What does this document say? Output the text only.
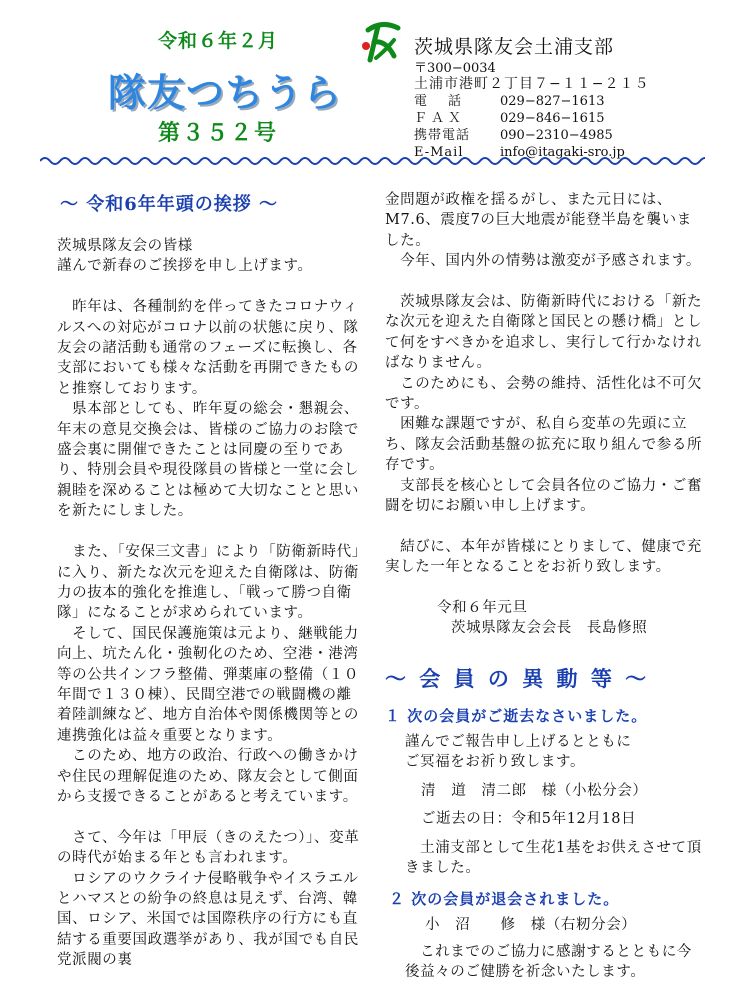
令和６年２月
隊友つちうら
第３５２号
茨城県隊友会土浦支部
〒300−0034
土浦市港町２丁目７−１１−２１５
電　話	029−827−1613
ＦＡＸ	029−846−1615
携帯電話 090−2310−4985
E-Mail	info@itagaki-sro.jp
〜 令和6年年頭の挨拶 〜
茨城県隊友会の皆様
謹んで新春のご挨拶を申し上げます。

　昨年は、各種制約を伴ってきたコロナウィルスへの対応がコロナ以前の状態に戻り、隊友会の諸活動も通常のフェーズに転換し、各支部においても様々な活動を再開できたものと推察しております。
　県本部としても、昨年夏の総会・懇親会、年末の意見交換会は、皆様のご協力のお陰で盛会裏に開催できたことは同慶の至りであり、特別会員や現役隊員の皆様と一堂に会し親睦を深めることは極めて大切なことと思いを新たにしました。

　また、「安保三文書」により「防衛新時代」に入り、新たな次元を迎えた自衛隊は、防衛力の抜本的強化を推進し、「戦って勝つ自衛隊」になることが求められています。
　そして、国民保護施策は元より、継戦能力向上、坑たん化・強靭化のため、空港・港湾等の公共インフラ整備、弾薬庫の整備（１０年間で１３０棟）、民間空港での戦闘機の離着陸訓練など、地方自治体や関係機関等との連携強化は益々重要となります。
　このため、地方の政治、行政への働きかけや住民の理解促進のため、隊友会として側面から支援できることがあると考えています。

　さて、今年は「甲辰（きのえたつ）」、変革の時代が始まる年とも言われます。
　ロシアのウクライナ侵略戦争やイスラエルとハマスとの紛争の終息は見えず、台湾、韓国、ロシア、米国では国際秩序の行方にも直結する重要国政選挙があり、我が国でも自民党派閥の裏
金問題が政権を揺るがし、また元日には、M7.6、震度7の巨大地震が能登半島を襲いました。
　今年、国内外の情勢は激変が予感されます。

　茨城県隊友会は、防衛新時代における「新たな次元を迎えた自衛隊と国民との懸け橋」として何をすべきかを追求し、実行して行かなければなりません。
　このためにも、会勢の維持、活性化は不可欠です。
　困難な課題ですが、私自ら変革の先頭に立ち、隊友会活動基盤の拡充に取り組んで参る所存です。
　支部長を核心として会員各位のご協力・ご奮闘を切にお願い申し上げます。

　結びに、本年が皆様にとりまして、健康で充実した一年となることをお祈り致します。
令和６年元旦
茨城県隊友会会長　長島修照
〜 会 員 の 異 動 等 〜
１ 次の会員がご逝去なさいました。
謹んでご報告申し上げるとともに
ご冥福をお祈り致します。
清　道　清二郎　様（小松分会）
ご逝去の日：令和5年12月18日
　土浦支部として生花1基をお供えさせて頂きました。
２ 次の会員が退会されました。
小　沼　　修　様（右籾分会）
　これまでのご協力に感謝するとともに今後益々のご健勝を祈念いたします。
